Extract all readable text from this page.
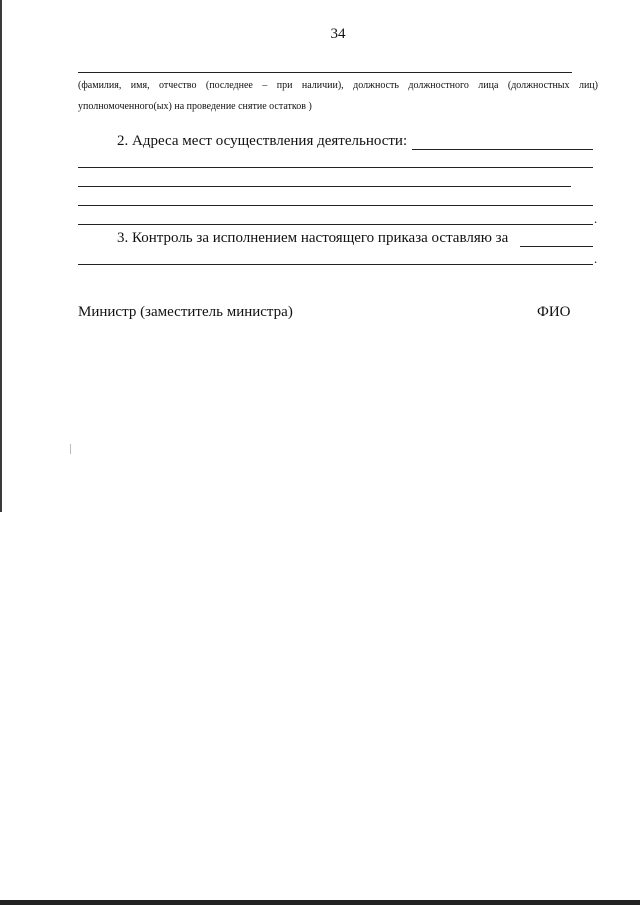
34
(фамилия, имя, отчество (последнее – при наличии), должность должностного лица (должностных лиц)
уполномоченного(ых) на проведение снятие остатков )
2. Адреса мест осуществления деятельности:
.
3. Контроль за исполнением настоящего приказа оставляю за
.
Министр (заместитель министра)	ФИО
